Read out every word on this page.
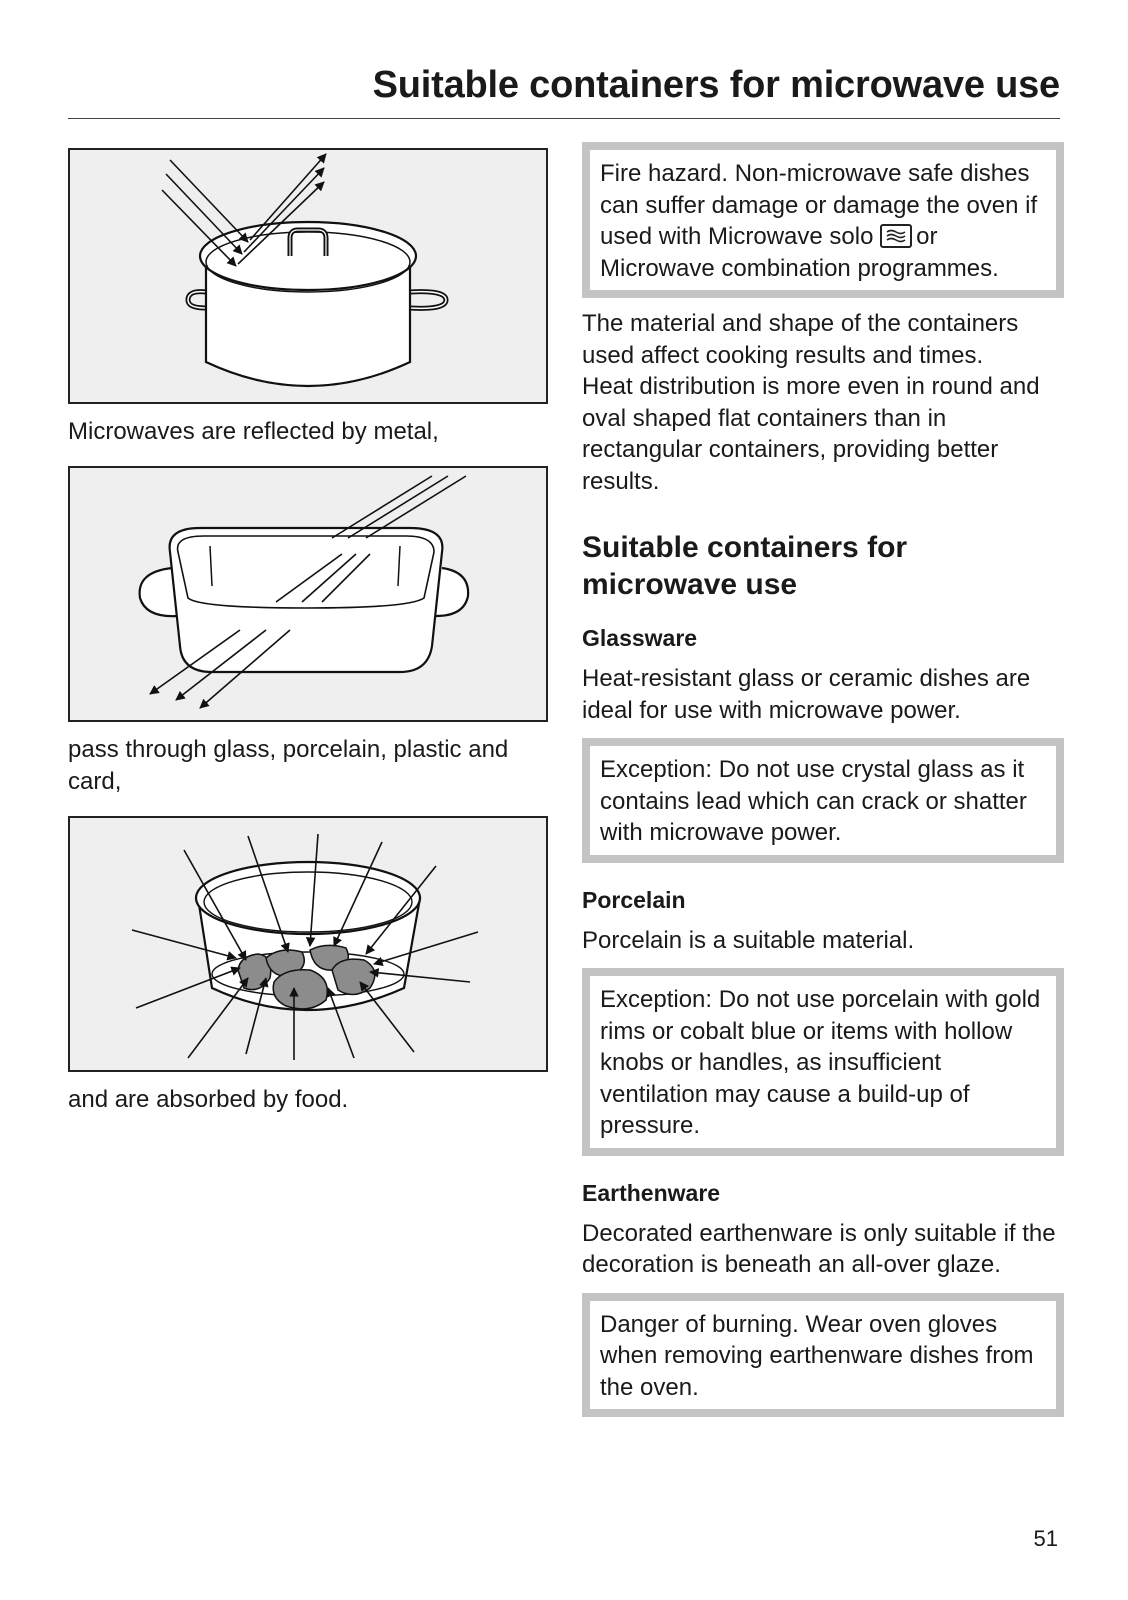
Suitable containers for microwave use

Microwaves are reflected by metal,

pass through glass, porcelain, plastic and card,

and are absorbed by food.

Fire hazard. Non-microwave safe dishes can suffer damage or damage the oven if used with Microwave solo or Microwave combination programmes.

The material and shape of the containers used affect cooking results and times.

Heat distribution is more even in round and oval shaped flat containers than in rectangular containers, providing better results.

Suitable containers for microwave use
Glassware

Heat-resistant glass or ceramic dishes are ideal for use with microwave power.

Exception: Do not use crystal glass as it contains lead which can crack or shatter with microwave power.
Porcelain

Porcelain is a suitable material.

Exception: Do not use porcelain with gold rims or cobalt blue or items with hollow knobs or handles, as insufficient ventilation may cause a build-up of pressure.
Earthenware

Decorated earthenware is only suitable if the decoration is beneath an all-over glaze.

Danger of burning. Wear oven gloves when removing earthenware dishes from the oven.
51
